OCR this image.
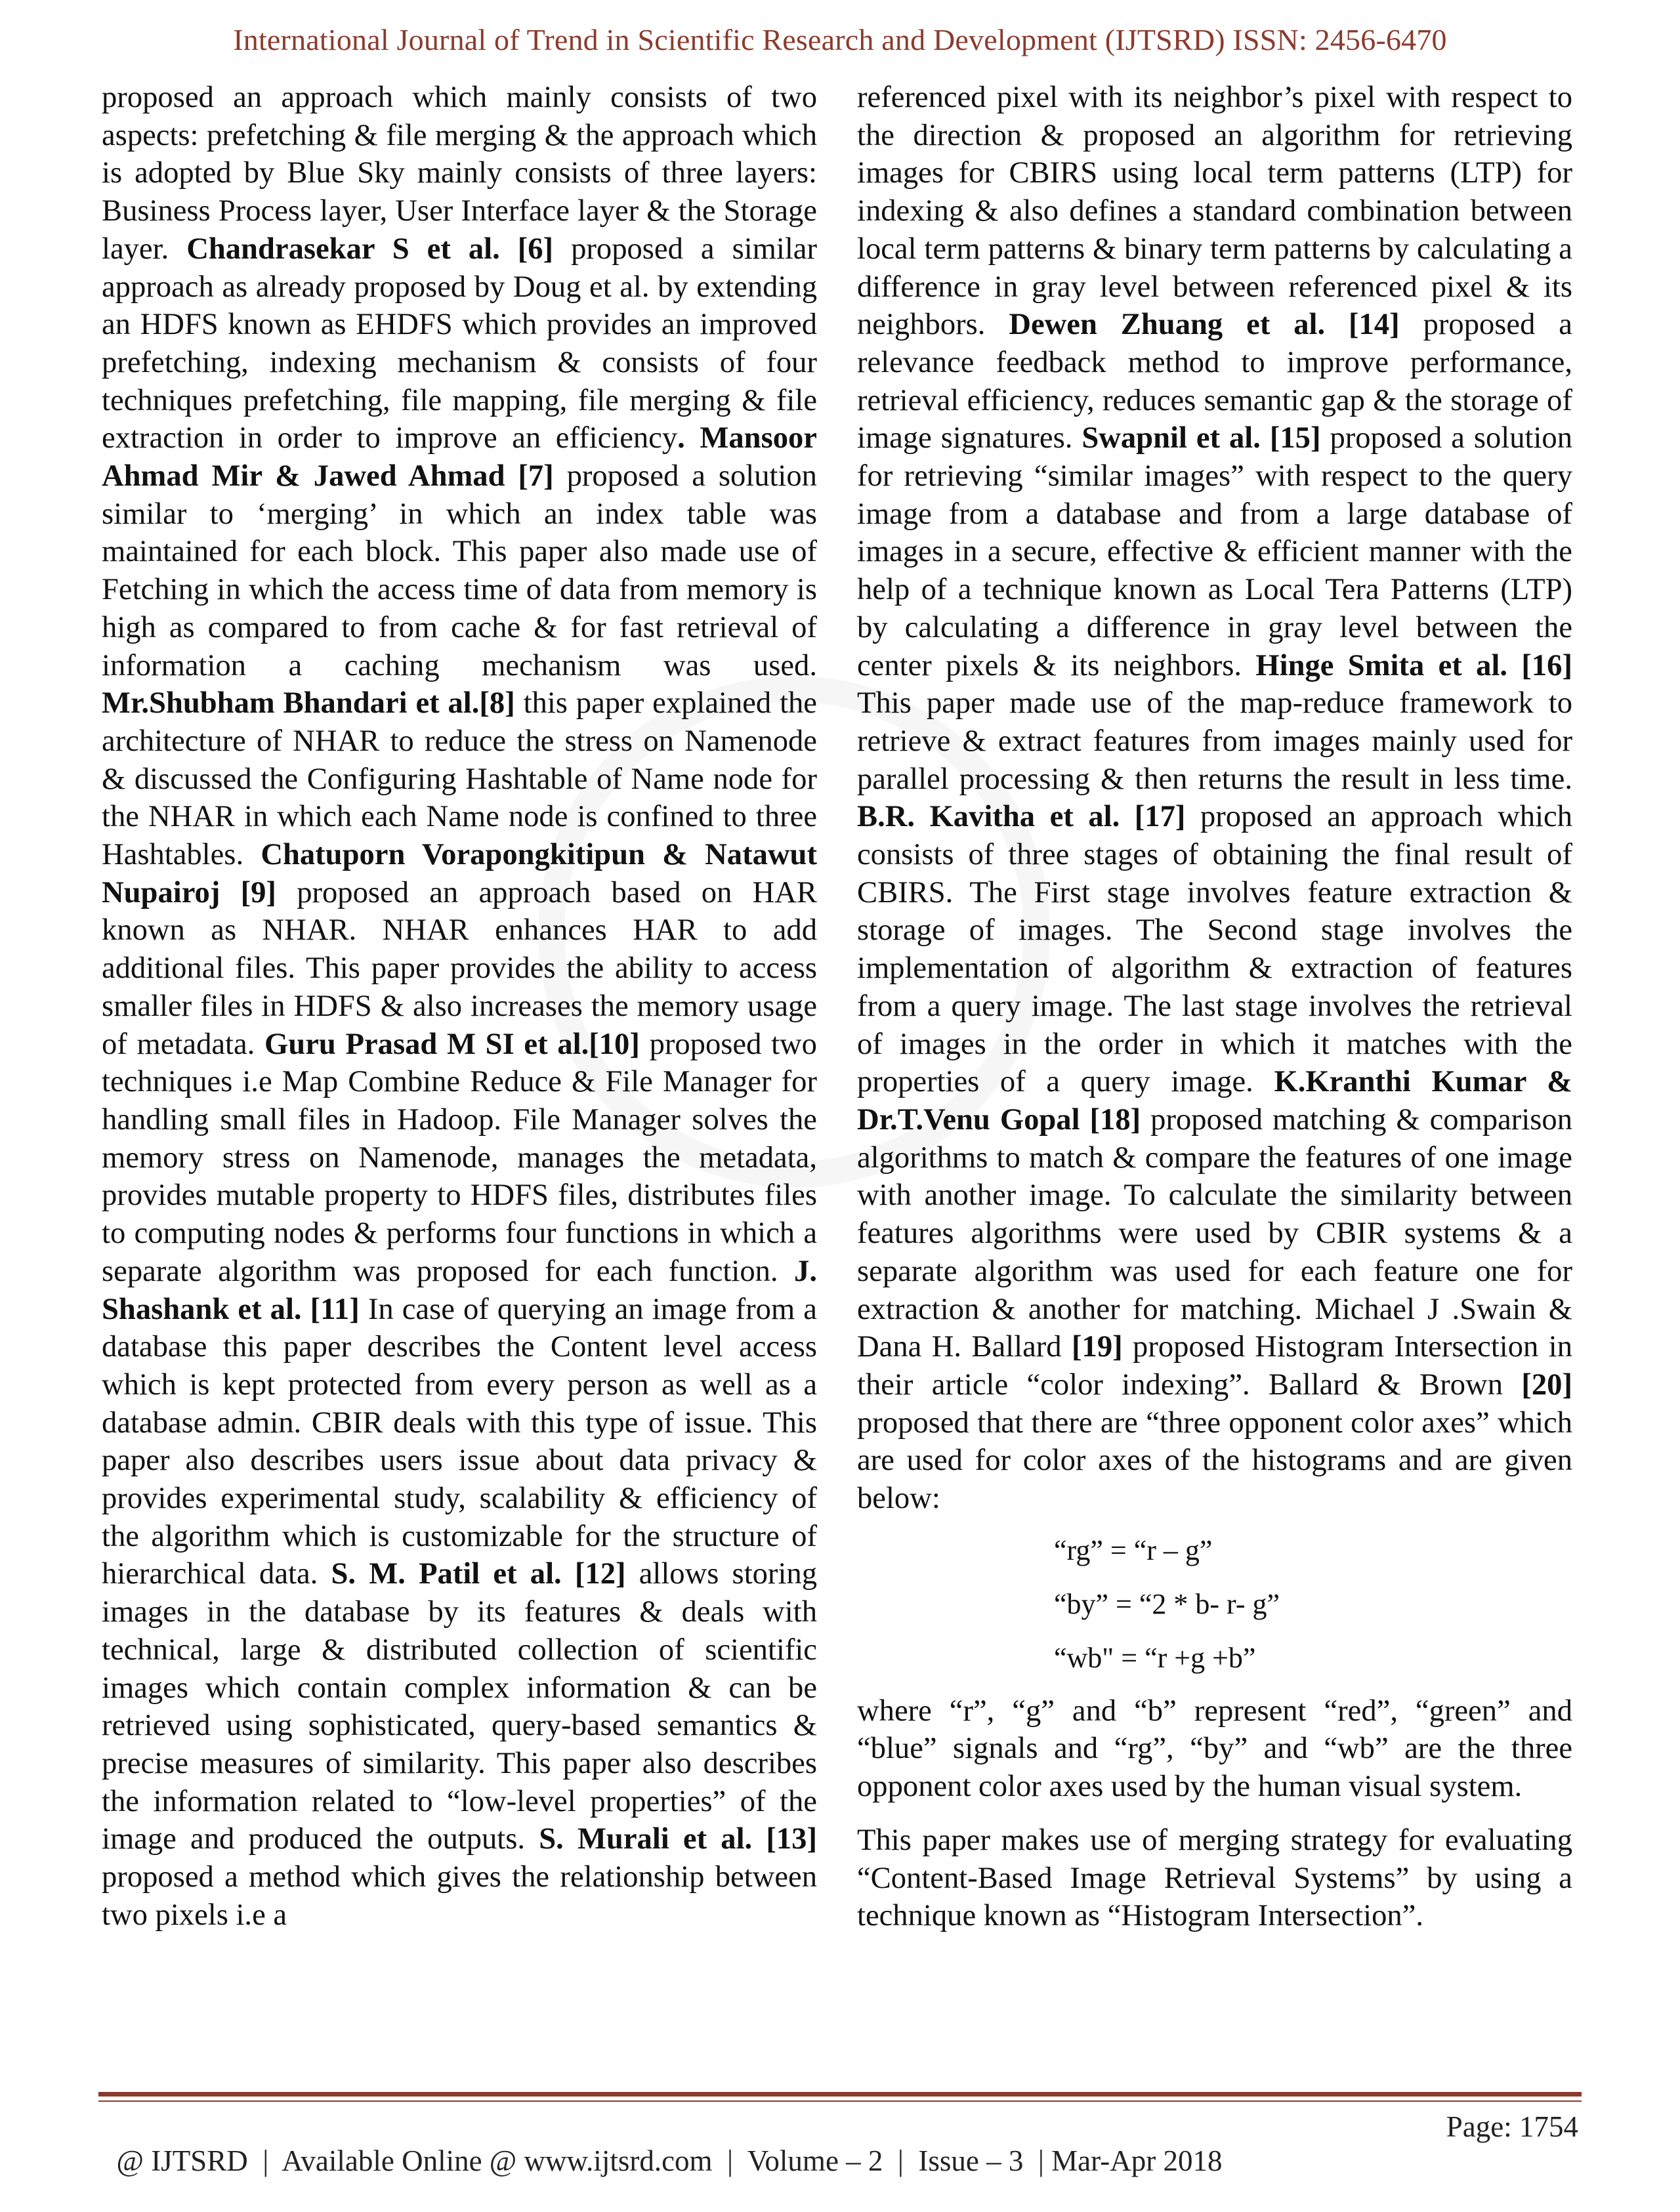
International Journal of Trend in Scientific Research and Development (IJTSRD) ISSN: 2456-6470

proposed an approach which mainly consists of two aspects: prefetching & file merging & the approach which is adopted by Blue Sky mainly consists of three layers: Business Process layer, User Interface layer & the Storage layer. Chandrasekar S et al. [6] proposed a similar approach as already proposed by Doug et al. by extending an HDFS known as EHDFS which provides an improved prefetching, indexing mechanism & consists of four techniques prefetching, file mapping, file merging & file extraction in order to improve an efficiency. Mansoor Ahmad Mir & Jawed Ahmad [7] proposed a solution similar to ‘merging’ in which an index table was maintained for each block. This paper also made use of Fetching in which the access time of data from memory is high as compared to from cache & for fast retrieval of information a caching mechanism was used. Mr.Shubham Bhandari et al.[8] this paper explained the architecture of NHAR to reduce the stress on Namenode & discussed the Configuring Hashtable of Name node for the NHAR in which each Name node is confined to three Hashtables. Chatuporn Vorapongkitipun & Natawut Nupairoj [9] proposed an approach based on HAR known as NHAR. NHAR enhances HAR to add additional files. This paper provides the ability to access smaller files in HDFS & also increases the memory usage of metadata. Guru Prasad M SI et al.[10] proposed two techniques i.e Map Combine Reduce & File Manager for handling small files in Hadoop. File Manager solves the memory stress on Namenode, manages the metadata, provides mutable property to HDFS files, distributes files to computing nodes & performs four functions in which a separate algorithm was proposed for each function. J. Shashank et al. [11] In case of querying an image from a database this paper describes the Content level access which is kept protected from every person as well as a database admin. CBIR deals with this type of issue. This paper also describes users issue about data privacy & provides experimental study, scalability & efficiency of the algorithm which is customizable for the structure of hierarchical data. S. M. Patil et al. [12] allows storing images in the database by its features & deals with technical, large & distributed collection of scientific images which contain complex information & can be retrieved using sophisticated, query-based semantics & precise measures of similarity. This paper also describes the information related to “low-level properties” of the image and produced the outputs. S. Murali et al. [13] proposed a method which gives the relationship between two pixels i.e a

referenced pixel with its neighbor’s pixel with respect to the direction & proposed an algorithm for retrieving images for CBIRS using local term patterns (LTP) for indexing & also defines a standard combination between local term patterns & binary term patterns by calculating a difference in gray level between referenced pixel & its neighbors. Dewen Zhuang et al. [14] proposed a relevance feedback method to improve performance, retrieval efficiency, reduces semantic gap & the storage of image signatures. Swapnil et al. [15] proposed a solution for retrieving “similar images” with respect to the query image from a database and from a large database of images in a secure, effective & efficient manner with the help of a technique known as Local Tera Patterns (LTP) by calculating a difference in gray level between the center pixels & its neighbors. Hinge Smita et al. [16] This paper made use of the map-reduce framework to retrieve & extract features from images mainly used for parallel processing & then returns the result in less time. B.R. Kavitha et al. [17] proposed an approach which consists of three stages of obtaining the final result of CBIRS. The First stage involves feature extraction & storage of images. The Second stage involves the implementation of algorithm & extraction of features from a query image. The last stage involves the retrieval of images in the order in which it matches with the properties of a query image. K.Kranthi Kumar & Dr.T.Venu Gopal [18] proposed matching & comparison algorithms to match & compare the features of one image with another image. To calculate the similarity between features algorithms were used by CBIR systems & a separate algorithm was used for each feature one for extraction & another for matching. Michael J .Swain & Dana H. Ballard [19] proposed Histogram Intersection in their article “color indexing”. Ballard & Brown [20] proposed that there are “three opponent color axes” which are used for color axes of the histograms and are given below:

“rg” = “r – g”
“by” = “2 * b- r- g”
“wb" = “r +g +b”

where “r”, “g” and “b” represent “red”, “green” and “blue” signals and “rg”, “by” and “wb” are the three opponent color axes used by the human visual system.

This paper makes use of merging strategy for evaluating “Content-Based Image Retrieval Systems” by using a technique known as “Histogram Intersection”.

@ IJTSRD  |  Available Online @ www.ijtsrd.com  |  Volume – 2  |  Issue – 3  | Mar-Apr 2018

Page: 1754
